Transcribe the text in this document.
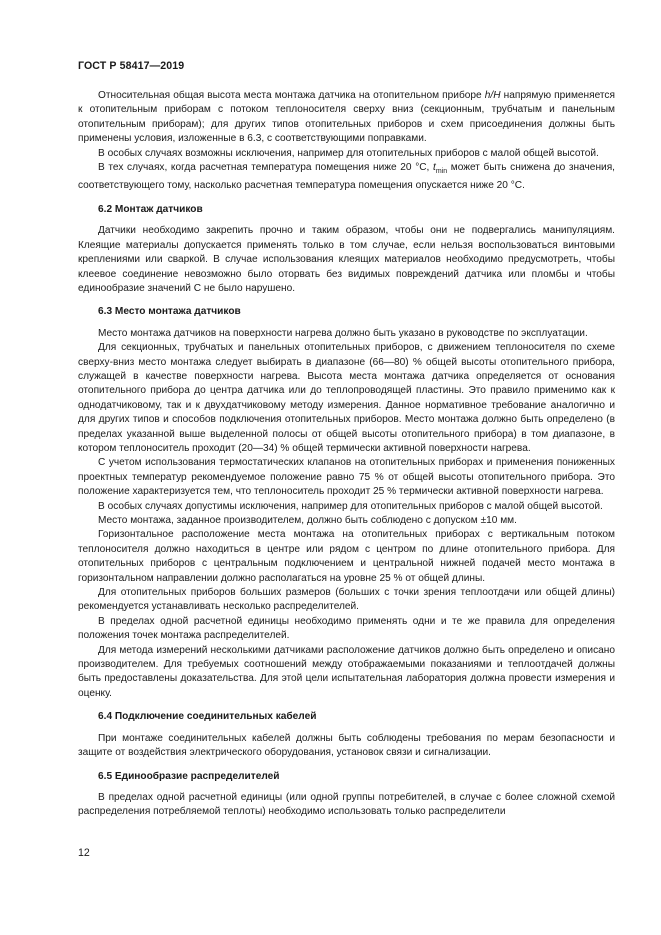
ГОСТ Р 58417—2019

Относительная общая высота места монтажа датчика на отопительном приборе h/H напрямую применяется к отопительным приборам с потоком теплоносителя сверху вниз (секционным, трубчатым и панельным отопительным приборам); для других типов отопительных приборов и схем присоединения должны быть применены условия, изложенные в 6.3, с соответствующими поправками.

В особых случаях возможны исключения, например для отопительных приборов с малой общей высотой.

В тех случаях, когда расчетная температура помещения ниже 20 °С, $t_{min}$ может быть снижена до значения, соответствующего тому, насколько расчетная температура помещения опускается ниже 20 °С.

6.2 Монтаж датчиков

Датчики необходимо закрепить прочно и таким образом, чтобы они не подвергались манипуляциям. Клеящие материалы допускается применять только в том случае, если нельзя воспользоваться винтовыми креплениями или сваркой. В случае использования клеящих материалов необходимо предусмотреть, чтобы клеевое соединение невозможно было оторвать без видимых повреждений датчика или пломбы и чтобы единообразие значений С не было нарушено.

6.3 Место монтажа датчиков

Место монтажа датчиков на поверхности нагрева должно быть указано в руководстве по эксплуатации.

Для секционных, трубчатых и панельных отопительных приборов, с движением теплоносителя по схеме сверху-вниз место монтажа следует выбирать в диапазоне (66—80) % общей высоты отопительного прибора, служащей в качестве поверхности нагрева. Высота места монтажа датчика определяется от основания отопительного прибора до центра датчика или до теплопроводящей пластины. Это правило применимо как к однодатчиковому, так и к двухдатчиковому методу измерения. Данное нормативное требование аналогично и для других типов и способов подключения отопительных приборов. Место монтажа должно быть определено (в пределах указанной выше выделенной полосы от общей высоты отопительного прибора) в том диапазоне, в котором теплоноситель проходит (20—34) % общей термически активной поверхности нагрева.

С учетом использования термостатических клапанов на отопительных приборах и применения пониженных проектных температур рекомендуемое положение равно 75 % от общей высоты отопительного прибора. Это положение характеризуется тем, что теплоноситель проходит 25 % термически активной поверхности нагрева.

В особых случаях допустимы исключения, например для отопительных приборов с малой общей высотой.

Место монтажа, заданное производителем, должно быть соблюдено с допуском ±10 мм.

Горизонтальное расположение места монтажа на отопительных приборах с вертикальным потоком теплоносителя должно находиться в центре или рядом с центром по длине отопительного прибора. Для отопительных приборов с центральным подключением и центральной нижней подачей место монтажа в горизонтальном направлении должно располагаться на уровне 25 % от общей длины.

Для отопительных приборов больших размеров (больших с точки зрения теплоотдачи или общей длины) рекомендуется устанавливать несколько распределителей.

В пределах одной расчетной единицы необходимо применять одни и те же правила для определения положения точек монтажа распределителей.

Для метода измерений несколькими датчиками расположение датчиков должно быть определено и описано производителем. Для требуемых соотношений между отображаемыми показаниями и теплоотдачей должны быть предоставлены доказательства. Для этой цели испытательная лаборатория должна провести измерения и оценку.

6.4 Подключение соединительных кабелей

При монтаже соединительных кабелей должны быть соблюдены требования по мерам безопасности и защите от воздействия электрического оборудования, установок связи и сигнализации.

6.5 Единообразие распределителей

В пределах одной расчетной единицы (или одной группы потребителей, в случае с более сложной схемой распределения потребляемой теплоты) необходимо использовать только распределители

12
